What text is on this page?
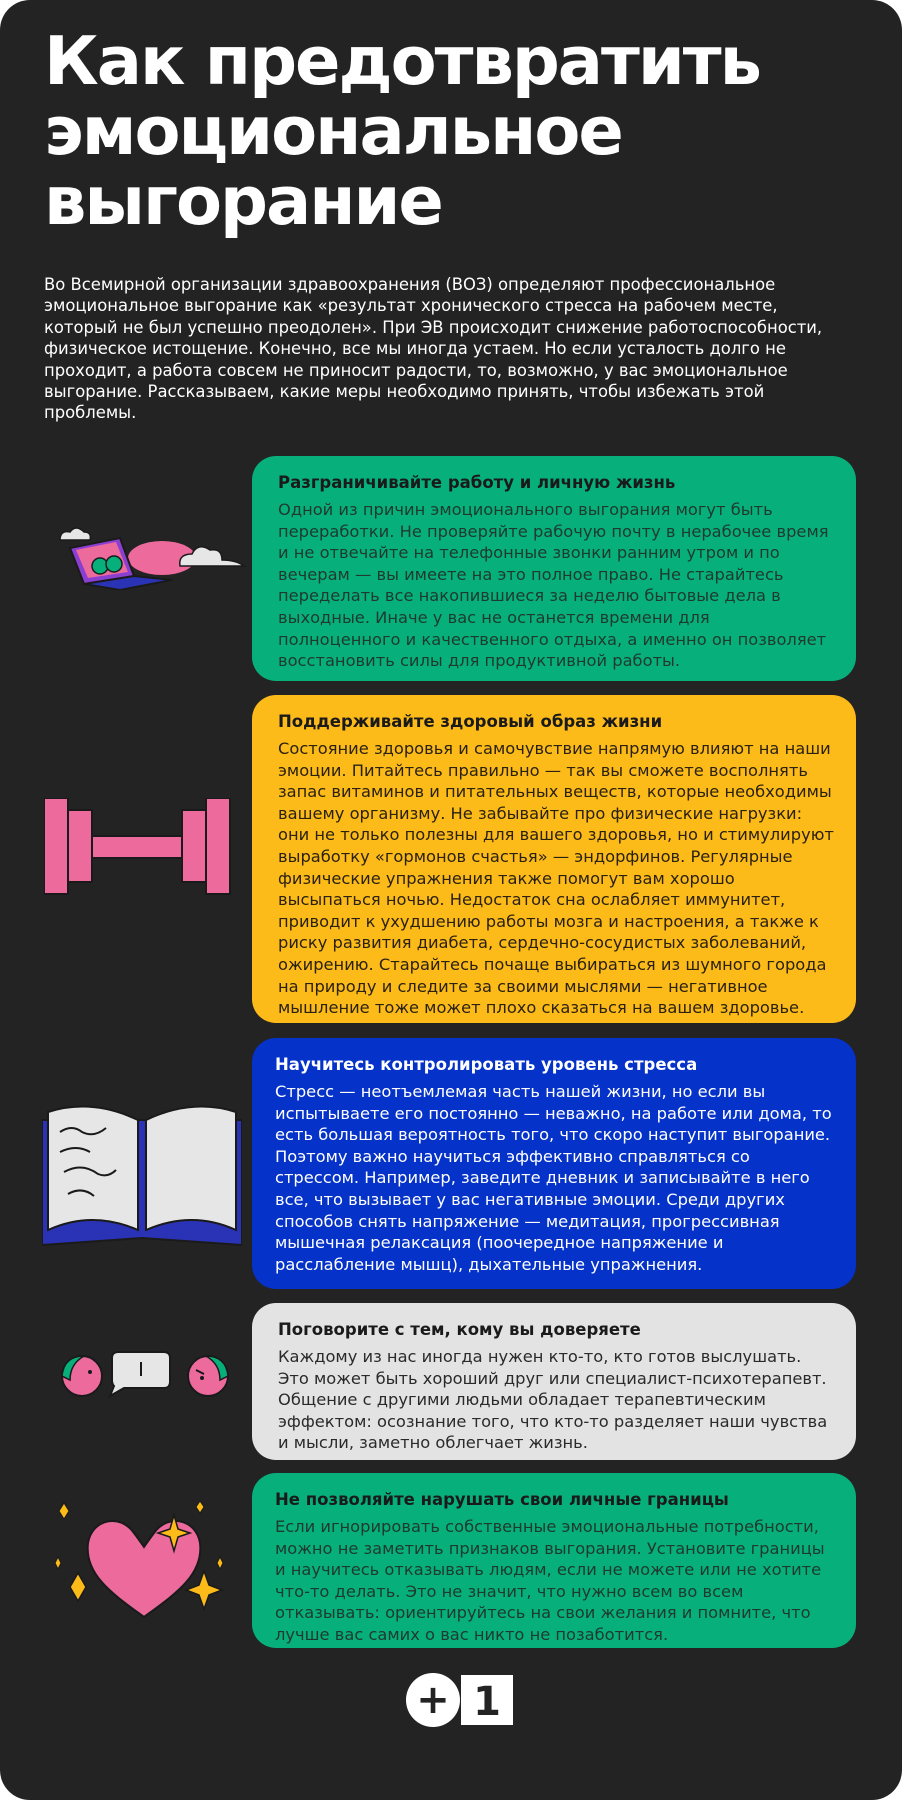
Как предотвратить
эмоциональное
выгорание

Во Всемирной организации здравоохранения (ВОЗ) определяют профессиональное эмоциональное выгорание как «результат хронического стресса на рабочем месте, который не был успешно преодолен». При ЭВ происходит снижение работоспособности, физическое истощение. Конечно, все мы иногда устаем. Но если усталость долго не проходит, а работа совсем не приносит радости, то, возможно, у вас эмоциональное выгорание. Рассказываем, какие меры необходимо принять, чтобы избежать этой проблемы.

Разграничивайте работу и личную жизнь

Одной из причин эмоционального выгорания могут быть переработки. Не проверяйте рабочую почту в нерабочее время и не отвечайте на телефонные звонки ранним утром и по вечерам — вы имеете на это полное право. Не старайтесь переделать все накопившиеся за неделю бытовые дела в выходные. Иначе у вас не останется времени для полноценного и качественного отдыха, а именно он позволяет восстановить силы для продуктивной работы.

Поддерживайте здоровый образ жизни

Состояние здоровья и самочувствие напрямую влияют на наши эмоции. Питайтесь правильно — так вы сможете восполнять запас витаминов и питательных веществ, которые необходимы вашему организму. Не забывайте про физические нагрузки: они не только полезны для вашего здоровья, но и стимулируют выработку «гормонов счастья» — эндорфинов. Регулярные физические упражнения также помогут вам хорошо высыпаться ночью. Недостаток сна ослабляет иммунитет, приводит к ухудшению работы мозга и настроения, а также к риску развития диабета, сердечно-сосудистых заболеваний, ожирению. Старайтесь почаще выбираться из шумного города на природу и следите за своими мыслями — негативное мышление тоже может плохо сказаться на вашем здоровье.

Научитесь контролировать уровень стресса

Стресс — неотъемлемая часть нашей жизни, но если вы испытываете его постоянно — неважно, на работе или дома, то есть большая вероятность того, что скоро наступит выгорание. Поэтому важно научиться эффективно справляться со стрессом. Например, заведите дневник и записывайте в него все, что вызывает у вас негативные эмоции. Среди других способов снять напряжение — медитация, прогрессивная мышечная релаксация (поочередное напряжение и расслабление мышц), дыхательные упражнения.

Поговорите с тем, кому вы доверяете

Каждому из нас иногда нужен кто-то, кто готов выслушать. Это может быть хороший друг или специалист-психотерапевт. Общение с другими людьми обладает терапевтическим эффектом: осознание того, что кто-то разделяет наши чувства и мысли, заметно облегчает жизнь.

Не позволяйте нарушать свои личные границы

Если игнорировать собственные эмоциональные потребности, можно не заметить признаков выгорания. Установите границы и научитесь отказывать людям, если не можете или не хотите что-то делать. Это не значит, что нужно всем во всем отказывать: ориентируйтесь на свои желания и помните, что лучше вас самих о вас никто не позаботится.

+ 1
